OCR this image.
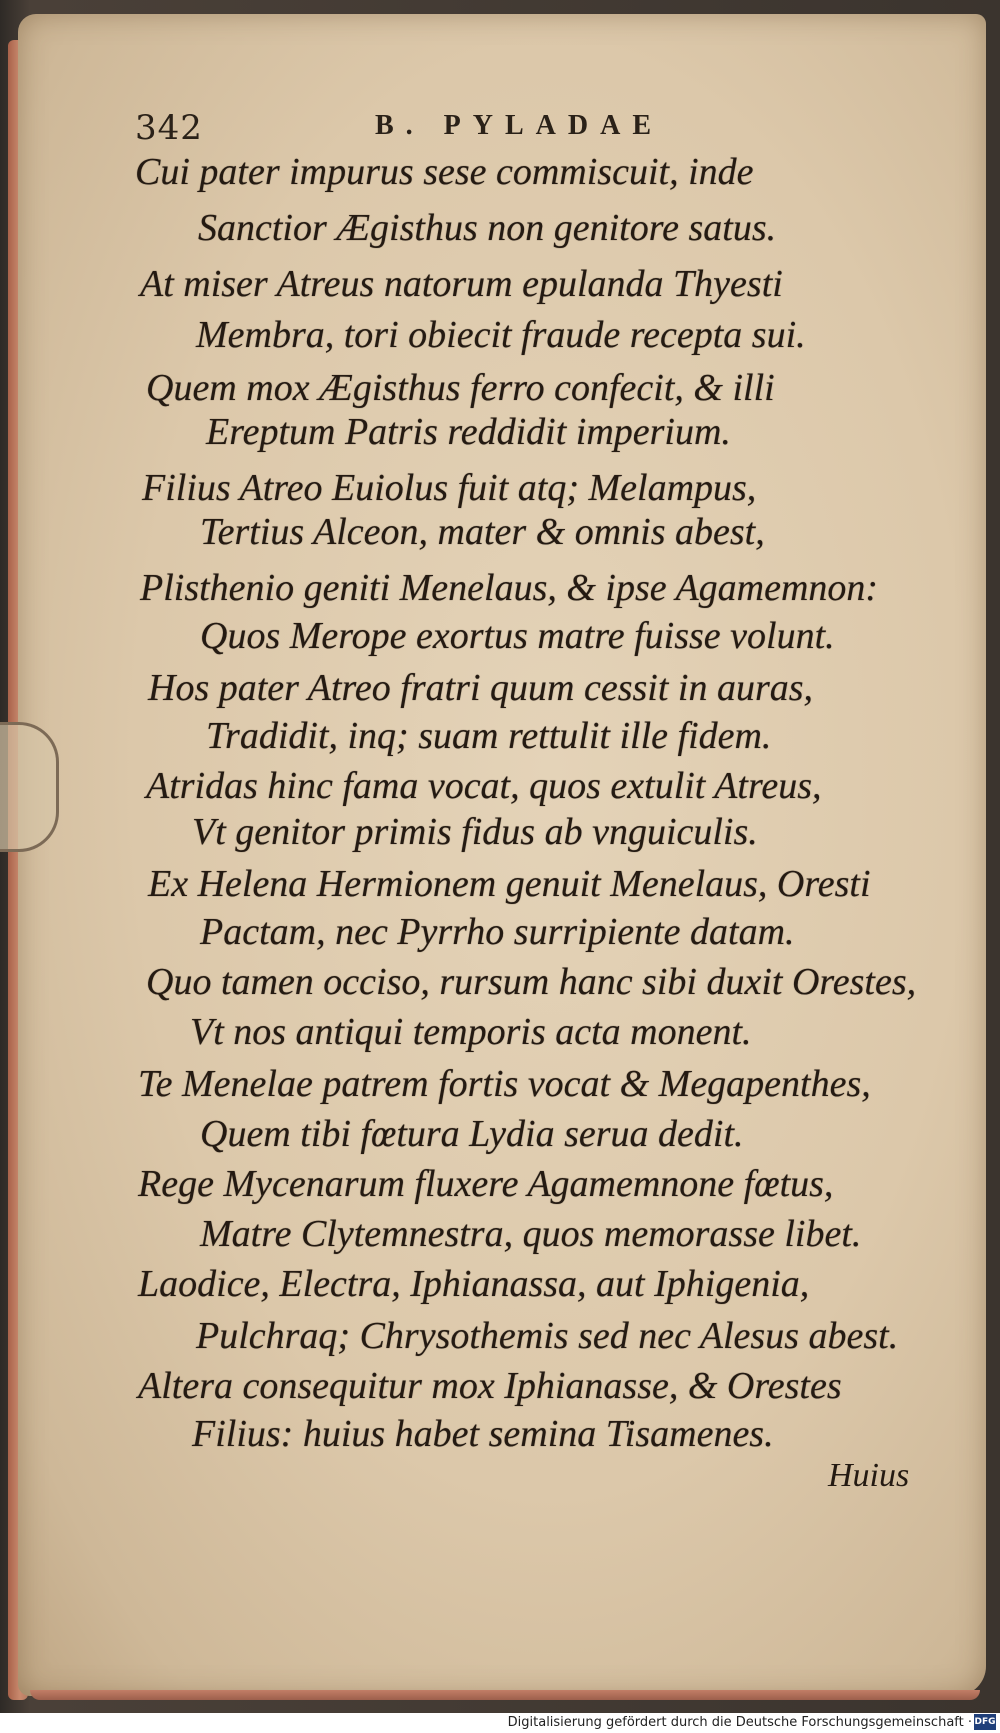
342	B. PYLADAE
Cui pater impurus sese commiscuit, inde
Sanctior Ægisthus non genitore satus.
At miser Atreus natorum epulanda Thyesti
Membra, tori obiecit fraude recepta sui.
Quem mox Ægisthus ferro confecit, & illi
Ereptum Patris reddidit imperium.
Filius Atreo Euiolus fuit atq; Melampus,
Tertius Alceon, mater & omnis abest,
Plisthenio geniti Menelaus, & ipse Agamemnon:
Quos Merope exortus matre fuisse volunt.
Hos pater Atreo fratri quum cessit in auras,
Tradidit, inq; suam rettulit ille fidem.
Atridas hinc fama vocat, quos extulit Atreus,
Vt genitor primis fidus ab vnguiculis.
Ex Helena Hermionem genuit Menelaus, Oresti
Pactam, nec Pyrrho surripiente datam.
Quo tamen occiso, rursum hanc sibi duxit Orestes,
Vt nos antiqui temporis acta monent.
Te Menelae patrem fortis vocat & Megapenthes,
Quem tibi fœtura Lydia serua dedit.
Rege Mycenarum fluxere Agamemnone fœtus,
Matre Clytemnestra, quos memorasse libet.
Laodice, Electra, Iphianassa, aut Iphigenia,
Pulchraq; Chrysothemis sed nec Alesus abest.
Altera consequitur mox Iphianasse, & Orestes
Filius: huius habet semina Tisamenes.
Huius
Digitalisierung gefördert durch die Deutsche Forschungsgemeinschaft · DFG
